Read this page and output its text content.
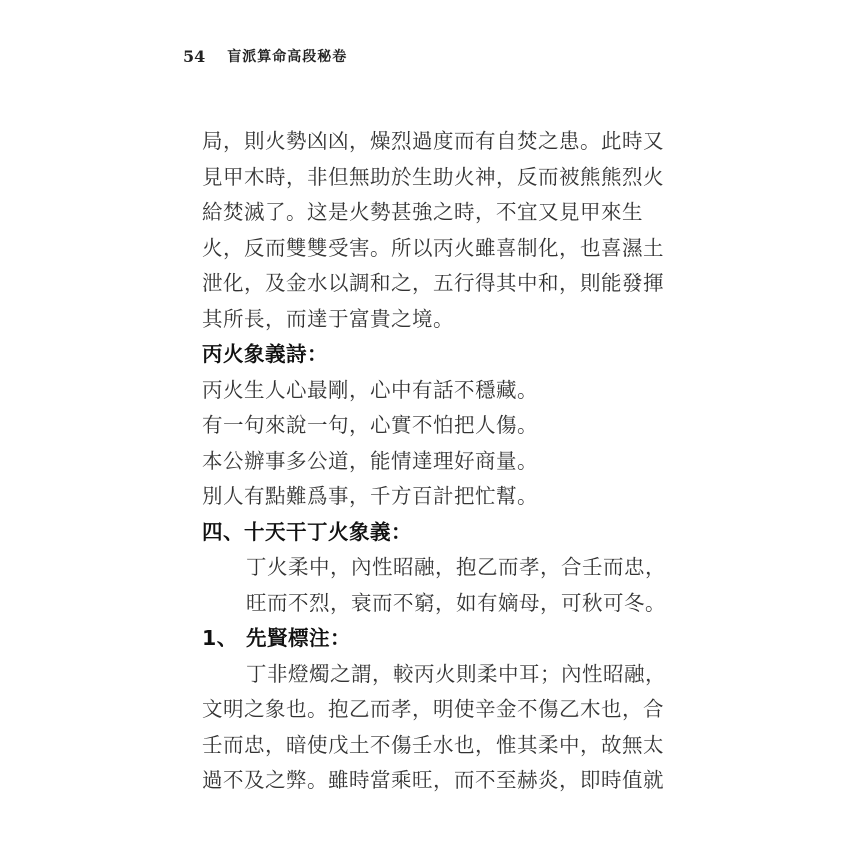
54 盲派算命高段秘卷
局，則火勢凶凶，燥烈過度而有自焚之患。此時又
見甲木時，非但無助於生助火神，反而被熊熊烈火
給焚滅了。这是火勢甚強之時，不宜又見甲來生
火，反而雙雙受害。所以丙火雖喜制化，也喜濕土
泄化，及金水以調和之，五行得其中和，則能發揮
其所長，而達于富貴之境。
丙火象義詩：
丙火生人心最剛，心中有話不穩藏。
有一句來說一句，心實不怕把人傷。
本公辦事多公道，能情達理好商量。
別人有點難爲事，千方百計把忙幫。
四、十天干丁火象義：
丁火柔中，內性昭融，抱乙而孝，合壬而忠，
旺而不烈，衰而不窮，如有嫡母，可秋可冬。
1、 先賢標注：
丁非燈燭之謂，較丙火則柔中耳；內性昭融，
文明之象也。抱乙而孝，明使辛金不傷乙木也，合
壬而忠，暗使戊土不傷壬水也，惟其柔中，故無太
過不及之弊。雖時當乘旺，而不至赫炎，即時值就
